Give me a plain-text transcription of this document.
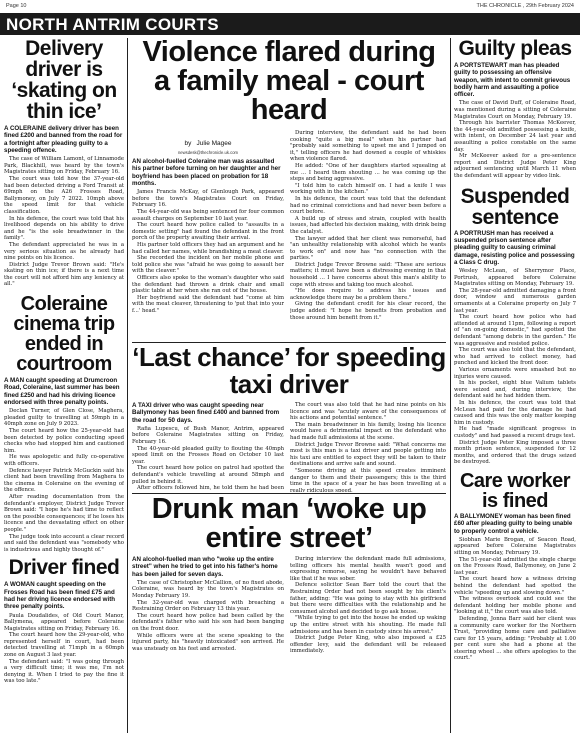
Page 10	THE CHRONICLE , 29th February 2024
NORTH ANTRIM COURTS
Delivery driver is ‘skating on thin ice’
A COLERAINE delivery driver has been fined £200 and banned from the road for a fortnight after pleading guilty to a speeding offence.

The case of William Lamont, of Linnamode Park, Blackhill, was heard by the town's Magistrates sitting on Friday, February 16.

The court was told how the 37-year-old had been detected driving a Ford Transit at 69mph on the A26 Frosses Road, Ballymoney, on July 7 2022. 10mph above the speed limit for that vehicle classification.

In his defence, the court was told that his livelihood depends on his ability to drive and he "is the sole breadwinner in the family".

The defendant appreciated he was in a very serious situation as he already had nine points on his licence.

District Judge Trevor Brown said: "He's skating on thin ice; if there is a next time the court will not afford him any leniency at all."

Coleraine cinema trip ended in courtroom
A MAN caught speeding at Drumcroon Road, Coleraine, last summer has been fined £250 and had his driving licence endorsed with three penalty points.

Declan Turner, of Glen Close, Maghera, pleaded guilty to travelling at 59mph in a 40mph zone on July 9 2023.

The court heard how the 25-year-old had been detected by police conducting speed checks who had stopped him and cautioned him.

He was apologetic and fully co-operative with officers.

Defence lawyer Patrick McGuckin said his client had been travelling from Maghera to the cinema in Coleraine on the evening of the offence.

After reading documentation from the defendant's employer, District Judge Trevor Brown said: "I hope he's had time to reflect on the possible consequences; if he loses his licence and the devastating effect on other people."

The judge took into account a clear record and said the defendant was "somebody who is industrious and highly thought of."

Driver fined
A WOMAN caught speeding on the Frosses Road has been fined £75 and had her driving licence endorsed with three penalty points.

Paula Doudalides, of Old Court Manor, Ballymena, appeared before Coleraine Magistrates sitting on Friday, February 16.

The court heard how the 29-year-old, who represented herself in court, had been detected travelling at 71mph in a 60mph zone on August 3 last year.

The defendant said: "I was going through a very difficult time; it was me, I'm not denying it. When I tried to pay the fine it was too late."

Violence flared during a family meal - court heard
by Julie Magee
newsdesk@thechronicle.uk.com
AN alcohol-fuelled Coleraine man was assaulted his partner before turning on her daughter and her boyfriend has been placed on probation for 18 months.

James Francis McKay, of Glenlough Park, appeared before the town's Magistrates Court on Friday, February 16.

The 44-year-old was being sentenced for four common assault charges on September 10 last year.

The court heard how police called to "assaults in a domestic setting" had found the defendant in the front porch of the property awaiting their arrival.

His partner told officers they had an argument and he had called her names, while brandishing a meat cleaver.

She recorded the incident on her mobile phone and told police she was "afraid he was going to assault her with the cleaver."

Officers also spoke to the woman's daughter who said the defendant had thrown a drink chair and small plastic table at her when she ran out of the house.

Her boyfriend said the defendant had "come at him with the meat cleaver, threatening to 'put that into your f...' head."

During interview, the defendant said he had been cooking "quite a big meal" when his partner had "probably said something to upset me and I jumped on it," telling officers he had downed a couple of whiskies when violence flared.

He added: "One of her daughters started squealing at me ... I heard them shouting ... he was coming up the steps and being aggressive.

"I told him to catch himself on. I had a knife I was working with in the kitchen."

In his defence, the court was told that the defendant had no criminal convictions and had never been before a court before.

A build up of stress and strain, coupled with health issues, had affected his decision making, with drink being the catalyst.

The lawyer added that her client was remorseful, had "an unhealthy relationship with alcohol which he wants to work on" and now has "no connection with the parties."

District Judge Trevor Browne said: "These are serious matters; it must have been a distressing evening in that household ... I have concerns about this man's ability to cope with stress and taking too much alcohol.

"He does require to address his issues and acknowledge there may be a problem there."

Giving the defendant credit for his clear record, the judge added: "I hope he benefits from probation and those around him benefit from it."

‘Last chance’ for speeding taxi driver
A TAXI driver who was caught speeding near Ballymoney has been fined £400 and banned from the road for 50 days.

Rafia Lupescu, of Bush Manor, Antrim, appeared before Coleraine Magistrates sitting on Friday, February 16.

The 40-year-old pleaded guilty to flouting the 40mph speed limit on the Frosses Road on October 10 last year.

The court heard how police on patrol had spotted the defendant's vehicle travelling at around 58mph and pulled in behind it.

After officers followed him, he told them he had been

The court was also told that he had nine points on his licence and was "acutely aware of the consequences of his actions and potential sentence."

The main breadwinner in his family, losing his licence would have a detrimental impact on the defendant who had made full admissions at the scene.

District Judge Trevor Browne said: "What concerns me most is this man is a taxi driver and people getting into his taxi are entitled to expect they will be taken to their destinations and arrive safe and sound.

"Someone driving at this speed creates imminent danger to them and their passengers; this is the third time in the space of a year he has been travelling at a really ridiculous speed.

Drunk man ‘woke up entire street’
AN alcohol-fuelled man who "woke up the entire street" when he tried to get into his father's home has been jailed for seven days.

The case of Christopher McCallion, of no fixed abode, Coleraine, was heard by the town's Magistrates on Monday February 19.

The 32-year-old was charged with breaching a Restraining Order on February 13 this year.

The court heard how police had been called by the defendant's father who said his son had been banging on the front door.

While officers were at the scene speaking to the injured party, his "heavily intoxicated" son arrived. He was unsteady on his feet and arrested.

During interview the defendant made full admissions, telling officers his mental health wasn't good and expressing remorse, saying he wouldn't have behaved like that if he was sober.

Defence solicitor Sean Barr told the court that the Restraining Order had not been sought by his client's father, adding: "He was going to stay with his girlfriend but there were difficulties with the relationship and he consumed alcohol and decided to go ask house.

"While trying to get into the house he ended up waking up the entire street with his shouting. He made full admissions and has been in custody since his arrest."

District Judge Peter King, who also imposed a £25 offender levy, said the defendant will be released immediately.

Guilty pleas
A PORTSTEWART man has pleaded guilty to possessing an offensive weapon, with intent to commit grievous bodily harm and assaulting a police officer.

The case of David Duff, of Coleraine Road, was mentioned during a sitting of Coleraine Magistrates Court on Monday, February 19.

Through his barrister Thomas McKeever, the 44-year-old admitted possessing a knife, with intent, on December 24 last year and assaulting a police constable on the same day.

Mr McKeever asked for a pre-sentence report and District Judge Peter King adjourned sentencing until March 11 when the defendant will appear by video link.

Suspended sentence
A PORTRUSH man has received a suspended prison sentence after pleading guilty to causing criminal damage, resisting police and possessing a Class C drug.

Wesley McLean, of Sherrymor Place, Portrush, appeared before Coleraine Magistrates sitting on Monday, February 19.

The 28-year-old admitted damaging a front door, window and numerous garden ornaments at a Coleraine property on July 7 last year.

The court heard how police who had attended at around 11pm, following a report of "an on-going domestic," had spotted the defendant "among debris in the garden." He was aggressive and resisted police.

The court was also told that the defendant, who had arrived to collect money, had punched and kicked the front door.

Various ornaments were smashed but no injuries were caused.

In his pocket, eight blue Valium tablets were seized and, during interview, the defendant said he had hidden them.

In his defence, the court was told that McLean had paid for the damage he had caused and this was the only matter keeping him in custody.

He had "made significant progress in custody" and had passed a recent drugs test.

District Judge Peter King imposed a three month prison sentence, suspended for 12 months, and ordered that the drugs seized be destroyed.

Care worker is fined
A BALLYMONEY woman has been fined £60 after pleading guilty to being unable to properly control a vehicle.

Siobhan Marie Brogan, of Seacon Road, appeared before Coleraine Magistrates sitting on Monday, February 19.

The 51-year-old admitted the single charge on the Frosses Road, Ballymoney, on June 2 last year.

The court heard how a witness driving behind the defendant had spotted the vehicle "speeding up and slowing down."

The witness overtook and could see the defendant holding her mobile phone and "looking at it," the court was also told.

Defending, Jonna Barr said her client was a community care worker for the Northern Trust, "providing home care and palliative care for 15 years, adding: "Probably at 1.00 per cent sure she had a phone at the steering wheel ... she offers apologies to the court."
